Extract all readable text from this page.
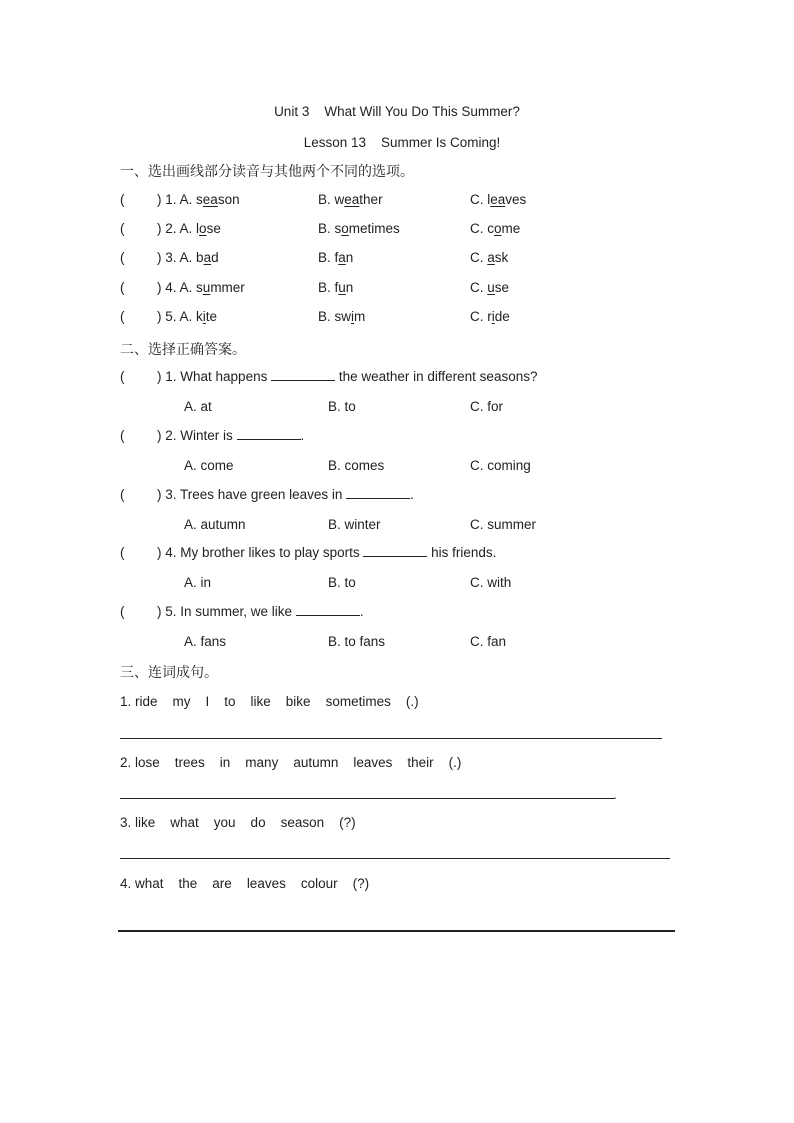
Unit 3 What Will You Do This Summer?
Lesson 13 Summer Is Coming!
一、选出画线部分读音与其他两个不同的选项。
( ) 1. A. season	B. weather	C. leaves
( ) 2. A. lose	B. sometimes	C. come
( ) 3. A. bad	B. fan	C. ask
( ) 4. A. summer	B. fun	C. use
( ) 5. A. kite	B. swim	C. ride
二、选择正确答案。
( ) 1. What happens	the weather in different seasons?
A. at	B. to	C. for
( ) 2. Winter is	.
A. come	B. comes	C. coming
( ) 3. Trees have green leaves in	.
A. autumn	B. winter	C. summer
( ) 4. My brother likes to play sports	his friends.
A. in	B. to	C. with
( ) 5. In summer, we like	.
A. fans	B. to fans	C. fan
三、连词成句。
1. ride    my    I    to    like    bike    sometimes    (.)
2. lose    trees    in    many    autumn    leaves    their    (.)
.
3. like    what    you    do    season    (?)
4. what    the    are    leaves    colour    (?)
